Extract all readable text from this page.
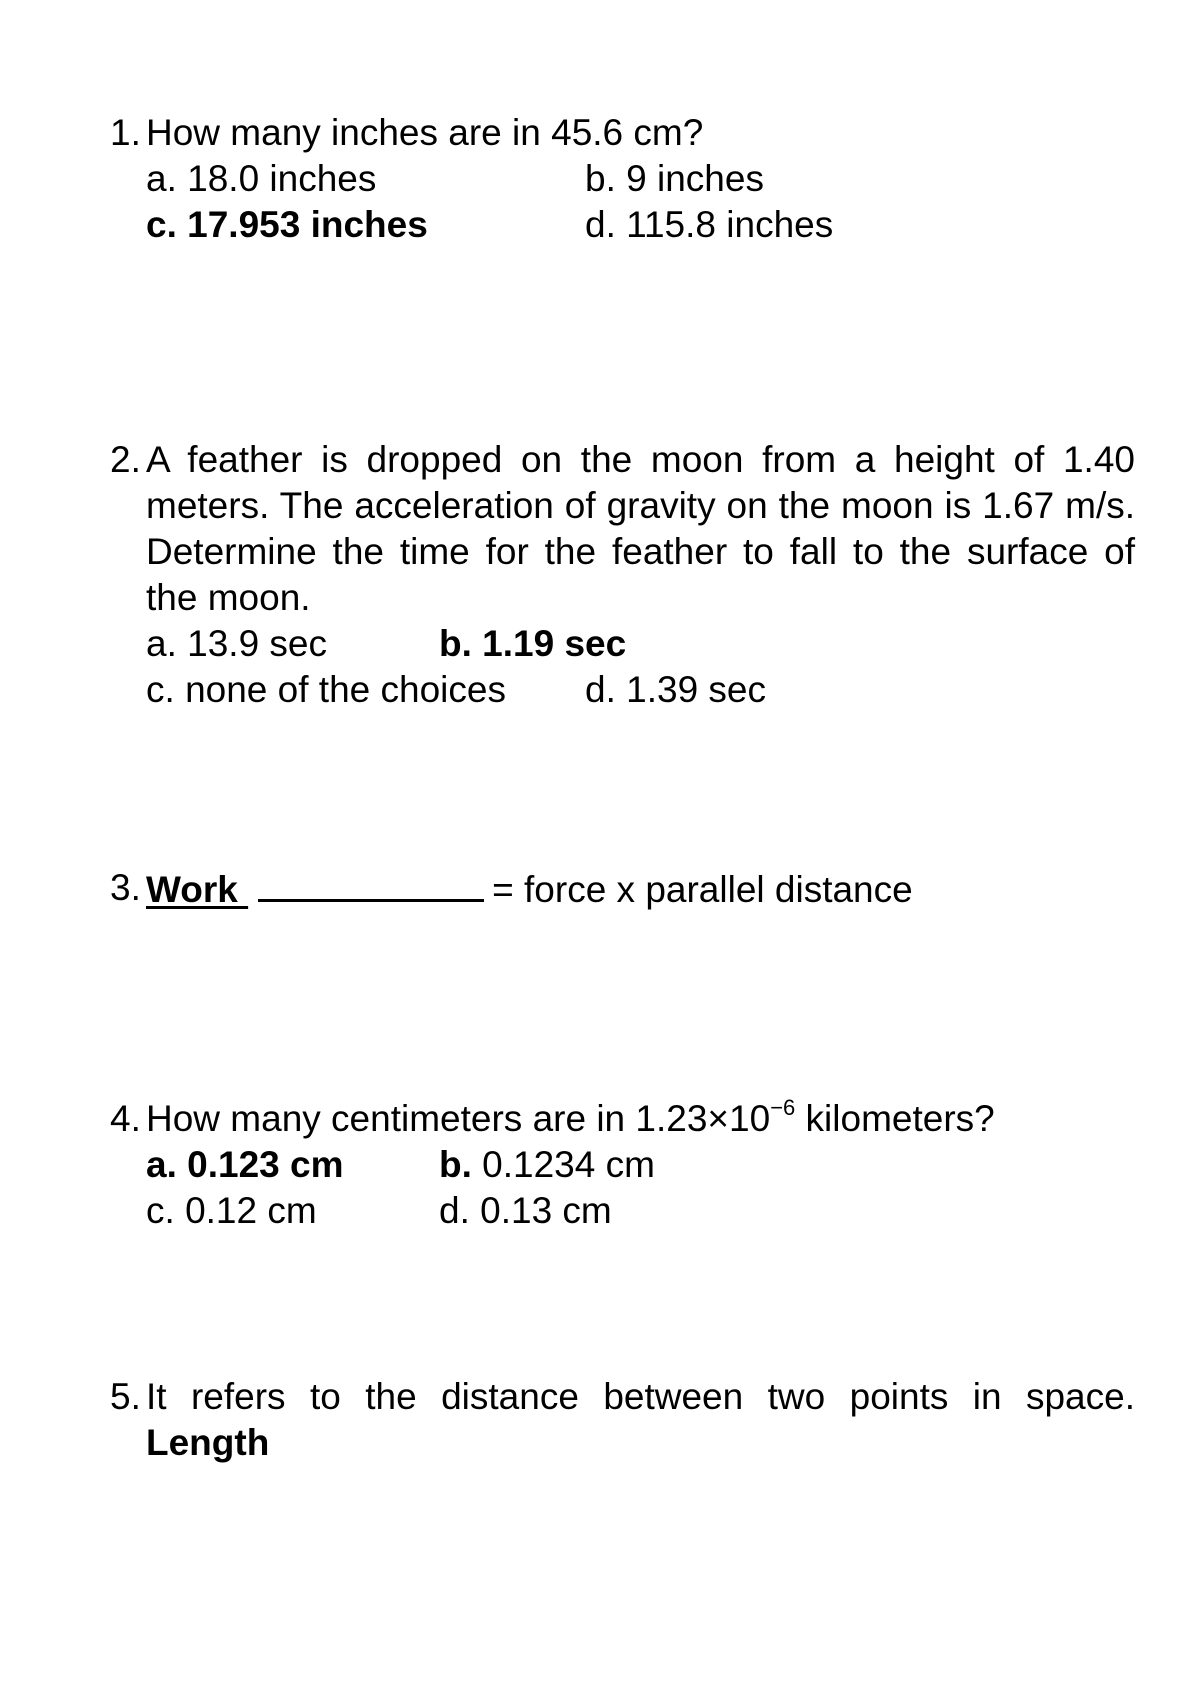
1. How many inches are in 45.6 cm?
a. 18.0 inches	b. 9 inches
c. 17.953 inches	d. 115.8 inches
2. A feather is dropped on the moon from a height of 1.40 meters. The acceleration of gravity on the moon is 1.67 m/s. Determine the time for the feather to fall to the surface of the moon.
a. 13.9 sec	b. 1.19 sec
c. none of the choices d. 1.39 sec
3. Work	= force x parallel distance
4. How many centimeters are in $1.23\times 10^{-6}$ kilometers?
a. 0.123 cm	b. 0.1234 cm
c. 0.12 cm	d. 0.13 cm
5. It refers to the distance between two points in space.
Length
